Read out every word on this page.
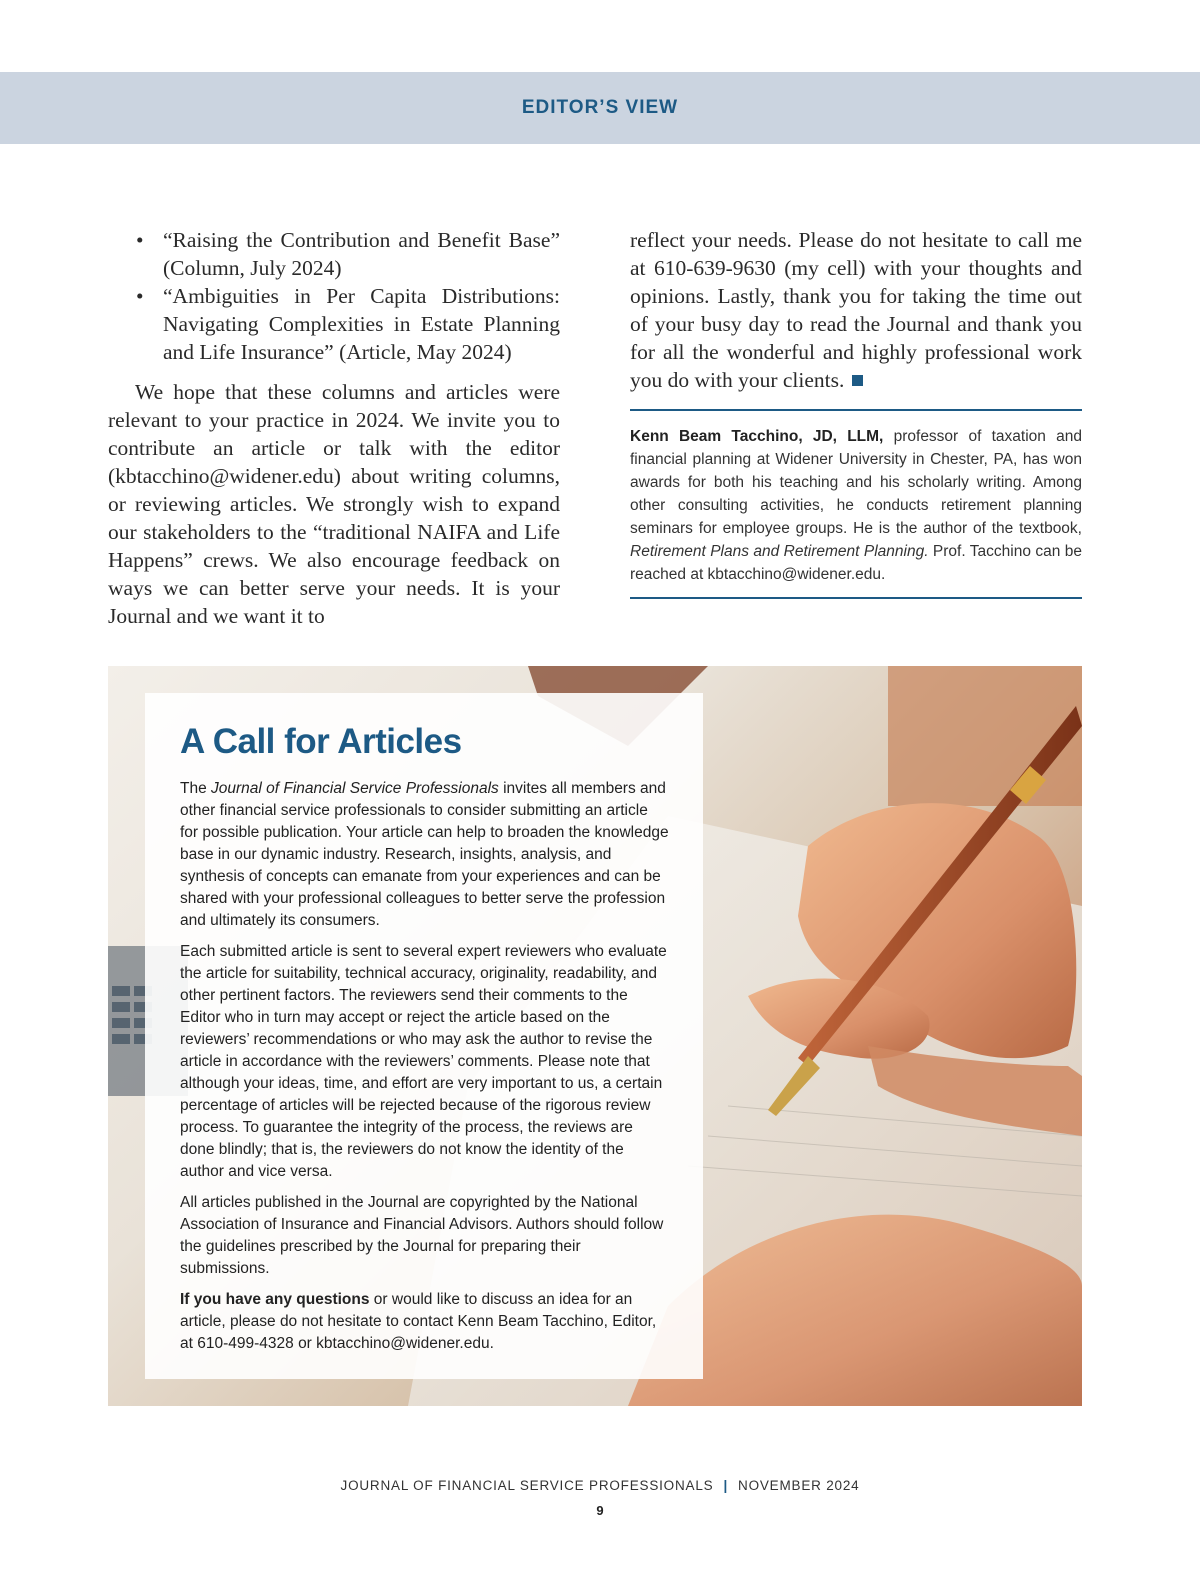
EDITOR’S VIEW
• “Raising the Contribution and Benefit Base” (Column, July 2024)
• “Ambiguities in Per Capita Distributions: Navigating Complexities in Estate Planning and Life Insurance” (Article, May 2024)

We hope that these columns and articles were relevant to your practice in 2024. We invite you to contribute an article or talk with the editor (kbtacchino@widener.edu) about writing columns, or reviewing articles. We strongly wish to expand our stakeholders to the “traditional NAIFA and Life Happens” crews. We also encourage feedback on ways we can better serve your needs. It is your Journal and we want it to

reflect your needs. Please do not hesitate to call me at 610-639-9630 (my cell) with your thoughts and opinions. Lastly, thank you for taking the time out of your busy day to read the Journal and thank you for all the wonderful and highly professional work you do with your clients.

Kenn Beam Tacchino, JD, LLM, professor of taxation and financial planning at Widener University in Chester, PA, has won awards for both his teaching and his scholarly writing. Among other consulting activities, he conducts retirement planning seminars for employee groups. He is the author of the textbook, Retirement Plans and Retirement Planning. Prof. Tacchino can be reached at kbtacchino@widener.edu.
A Call for Articles

The Journal of Financial Service Professionals invites all members and other financial service professionals to consider submitting an article for possible publication. Your article can help to broaden the knowledge base in our dynamic industry. Research, insights, analysis, and synthesis of concepts can emanate from your experiences and can be shared with your professional colleagues to better serve the profession and ultimately its consumers.

Each submitted article is sent to several expert reviewers who evaluate the article for suitability, technical accuracy, originality, readability, and other pertinent factors. The reviewers send their comments to the Editor who in turn may accept or reject the article based on the reviewers’ recommendations or who may ask the author to revise the article in accordance with the reviewers’ comments. Please note that although your ideas, time, and effort are very important to us, a certain percentage of articles will be rejected because of the rigorous review process. To guarantee the integrity of the process, the reviews are done blindly; that is, the reviewers do not know the identity of the author and vice versa.

All articles published in the Journal are copyrighted by the National Association of Insurance and Financial Advisors. Authors should follow the guidelines prescribed by the Journal for preparing their submissions.

If you have any questions or would like to discuss an idea for an article, please do not hesitate to contact Kenn Beam Tacchino, Editor, at 610-499-4328 or kbtacchino@widener.edu.

JOURNAL OF FINANCIAL SERVICE PROFESSIONALS | NOVEMBER 2024
9
